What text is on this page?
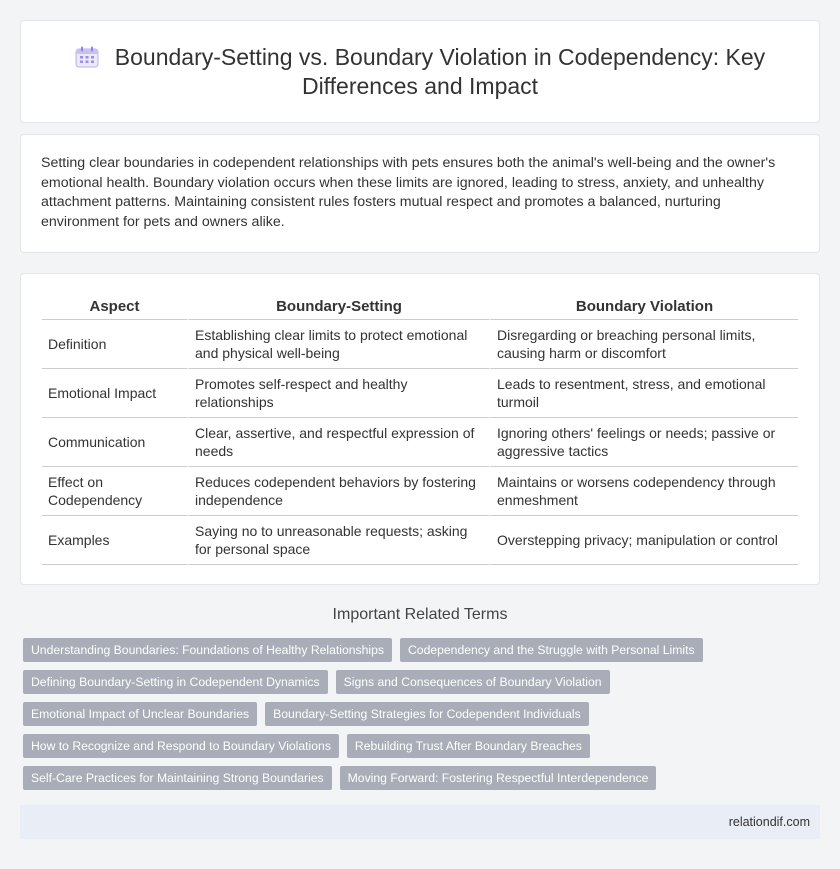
Boundary-Setting vs. Boundary Violation in Codependency: Key Differences and Impact

Setting clear boundaries in codependent relationships with pets ensures both the animal's well-being and the owner's emotional health. Boundary violation occurs when these limits are ignored, leading to stress, anxiety, and unhealthy attachment patterns. Maintaining consistent rules fosters mutual respect and promotes a balanced, nurturing environment for pets and owners alike.

Aspect	Boundary-Setting	Boundary Violation
Definition	Establishing clear limits to protect emotional and physical well-being	Disregarding or breaching personal limits, causing harm or discomfort
Emotional Impact	Promotes self-respect and healthy relationships	Leads to resentment, stress, and emotional turmoil
Communication	Clear, assertive, and respectful expression of needs	Ignoring others' feelings or needs; passive or aggressive tactics
Effect on Codependency	Reduces codependent behaviors by fostering independence	Maintains or worsens codependency through enmeshment
Examples	Saying no to unreasonable requests; asking for personal space	Overstepping privacy; manipulation or control
Important Related Terms
Understanding Boundaries: Foundations of Healthy Relationships	Codependency and the Struggle with Personal Limits
Defining Boundary-Setting in Codependent Dynamics	Signs and Consequences of Boundary Violation
Emotional Impact of Unclear Boundaries	Boundary-Setting Strategies for Codependent Individuals
How to Recognize and Respond to Boundary Violations	Rebuilding Trust After Boundary Breaches
Self-Care Practices for Maintaining Strong Boundaries	Moving Forward: Fostering Respectful Interdependence
relationdif.com
